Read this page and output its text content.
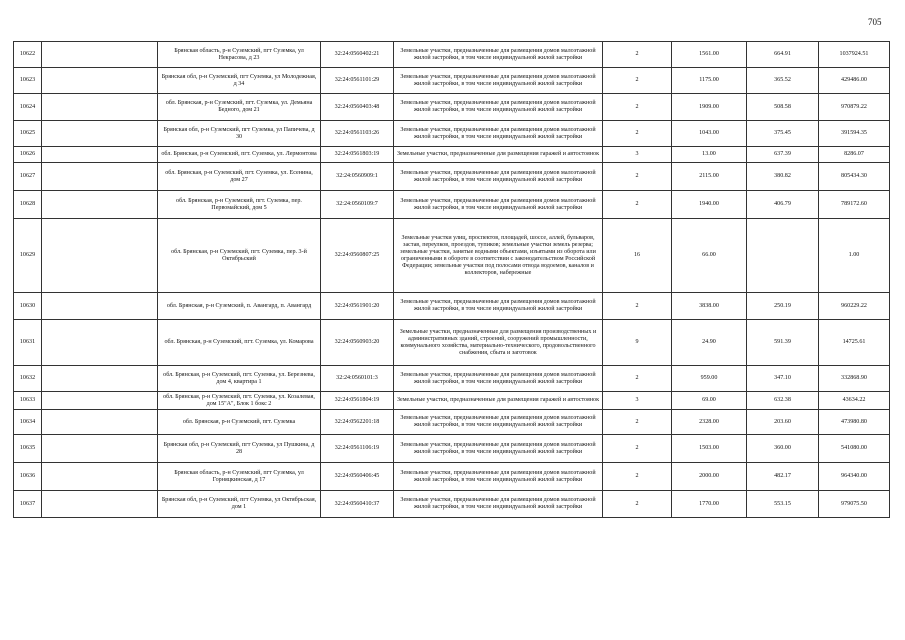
705
10622		Брянская область, р-н Суземский, пгт Суземка, ул Некрасова, д 23	32:24:0560402:21	Земельные участки, предназначенные для размещения домов малоэтажной жилой застройки, в том числе индивидуальной жилой застройки	2	1561.00	664.91	1037924.51
10623		Брянская обл, р-н Суземский, пгт Суземка, ул Молодежная, д 34	32:24:0561101:29	Земельные участки, предназначенные для размещения домов малоэтажной жилой застройки, в том числе индивидуальной жилой застройки	2	1175.00	365.52	429486.00
10624		обл. Брянская, р-н Суземский, пгт. Суземка, ул. Демьяна Бедного, дом 21	32:24:0560403:48	Земельные участки, предназначенные для размещения домов малоэтажной жилой застройки, в том числе индивидуальной жилой застройки	2	1909.00	508.58	970879.22
10625		Брянская обл, р-н Суземский, пгт Суземка, ул Папичева, д 30	32:24:0561103:26	Земельные участки, предназначенные для размещения домов малоэтажной жилой застройки, в том числе индивидуальной жилой застройки	2	1043.00	375.45	391594.35
10626		обл. Брянская, р-н Суземский, пгт. Суземка, ул. Лермонтова	32:24:0561803:19	Земельные участки, предназначенные для размещения гаражей и автостоянок	3	13.00	637.39	8286.07
10627		обл. Брянская, р-н Суземский, пгт. Суземка, ул. Есенина, дом 27	32:24:0560909:1	Земельные участки, предназначенные для размещения домов малоэтажной жилой застройки, в том числе индивидуальной жилой застройки	2	2115.00	380.82	805434.30
10628		обл. Брянская, р-н Суземский, пгт. Суземка, пер. Первомайский, дом 5	32:24:0560109:7	Земельные участки, предназначенные для размещения домов малоэтажной жилой застройки, в том числе индивидуальной жилой застройки	2	1940.00	406.79	789172.60
10629		обл. Брянская, р-н Суземский, пгт. Суземка, пер. 3-й Октябрьский	32:24:0560807:25	Земельные участки улиц, проспектов, площадей, шоссе, аллей, бульваров, застав, переулков, проездов, тупиков; земельные участки земель резерва; земельные участки, занятые водными объектами, изъятыми из оборота или ограниченными в обороте в соответствии с законодательством Российской Федерации; земельные участки под полосами отвода водоемов, каналов и коллекторов, набережные	16	66.00		1.00
10630		обл. Брянская, р-н Суземский, п. Авангард, п. Авангард	32:24:0561901:20	Земельные участки, предназначенные для размещения домов малоэтажной жилой застройки, в том числе индивидуальной жилой застройки	2	3838.00	250.19	960229.22
10631		обл. Брянская, р-н Суземский, пгт. Суземка, ул. Комарова	32:24:0560903:20	Земельные участки, предназначенные для размещения производственных и административных зданий, строений, сооружений промышленности, коммунального хозяйства, материально-технического, продовольственного снабжения, сбыта и заготовок	9	24.90	591.39	14725.61
10632		обл. Брянская, р-н Суземский, пгт. Суземка, ул. Березнева, дом 4, квартира 1	32:24:0560101:3	Земельные участки, предназначенные для размещения домов малоэтажной жилой застройки, в том числе индивидуальной жилой застройки	2	959.00	347.10	332868.90
10633		обл. Брянская, р-н Суземский, пгт. Суземка, ул. Козалевая, дом 15"А", Блок 1 бокс 2	32:24:0561804:19	Земельные участки, предназначенные для размещения гаражей и автостоянок	3	69.00	632.38	43634.22
10634		обл. Брянская, р-н Суземский, пгт. Суземка	32:24:0562201:18	Земельные участки, предназначенные для размещения домов малоэтажной жилой застройки, в том числе индивидуальной жилой застройки	2	2328.00	203.60	473980.80
10635		Брянская обл, р-н Суземский, пгт Суземка, ул Пушкина, д 28	32:24:0561106:19	Земельные участки, предназначенные для размещения домов малоэтажной жилой застройки, в том числе индивидуальной жилой застройки	2	1503.00	360.00	541080.00
10636		Брянская область, р-н Суземский, пгт Суземка, ул Горняцкинская, д 17	32:24:0560406:45	Земельные участки, предназначенные для размещения домов малоэтажной жилой застройки, в том числе индивидуальной жилой застройки	2	2000.00	482.17	964340.00
10637		Брянская обл, р-н Суземский, пгт Суземка, ул Октябрьская, дом 1	32:24:0560410:37	Земельные участки, предназначенные для размещения домов малоэтажной жилой застройки, в том числе индивидуальной жилой застройки	2	1770.00	553.15	979075.50
